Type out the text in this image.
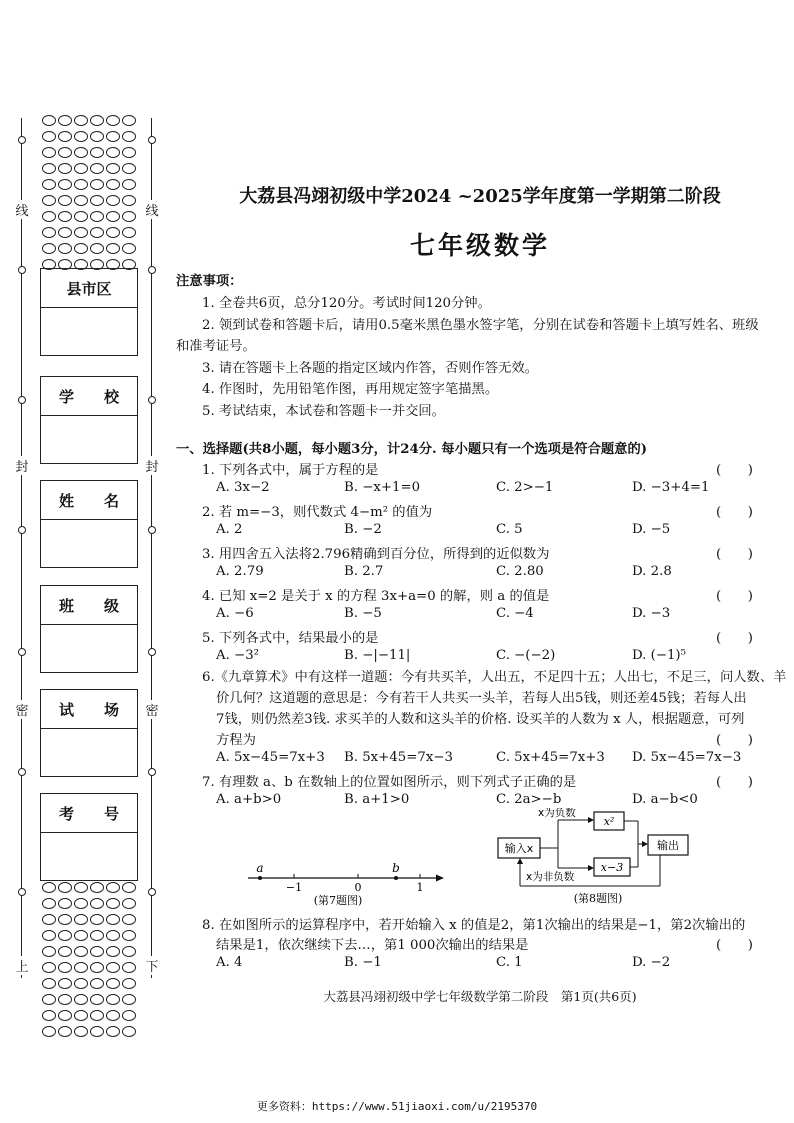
线
封
密
上
线
封
密
下
县市区
学　　校
姓　　名
班　　级
试　　场
考　　号
大荔县冯翊初级中学2024 ~2025学年度第一学期第二阶段
七年级数学
注意事项：
1. 全卷共6页，总分120分。考试时间120分钟。
2. 领到试卷和答题卡后，请用0.5毫米黑色墨水签字笔，分别在试卷和答题卡上填写姓名、班级
和准考证号。
3. 请在答题卡上各题的指定区域内作答，否则作答无效。
4. 作图时，先用铅笔作图，再用规定签字笔描黑。
5. 考试结束，本试卷和答题卡一并交回。
一、选择题(共8小题，每小题3分，计24分. 每小题只有一个选项是符合题意的)
1. 下列各式中，属于方程的是	(　　)
A. 3x−2	B. −x+1=0	C. 2>−1	D. −3+4=1
2. 若 m=−3，则代数式 4−m² 的值为	(　　)
A. 2	B. −2	C. 5	D. −5
3. 用四舍五入法将2.796精确到百分位，所得到的近似数为	(　　)
A. 2.79	B. 2.7	C. 2.80	D. 2.8
4. 已知 x=2 是关于 x 的方程 3x+a=0 的解，则 a 的值是	(　　)
A. −6	B. −5	C. −4	D. −3
5. 下列各式中，结果最小的是	(　　)
A. −3²	B. −|−11|	C. −(−2)	D. (−1)⁵
6.《九章算术》中有这样一道题：今有共买羊，人出五，不足四十五；人出七，不足三，问人数、羊
价几何？这道题的意思是：今有若干人共买一头羊，若每人出5钱，则还差45钱；若每人出
7钱，则仍然差3钱. 求买羊的人数和这头羊的价格. 设买羊的人数为 x 人，根据题意，可列
方程为	(　　)
A. 5x−45=7x+3 B. 5x+45=7x−3	C. 5x+45=7x+3 D. 5x−45=7x−3
7. 有理数 a、b 在数轴上的位置如图所示，则下列式子正确的是	(　　)
A. a+b>0	B. a+1>0	C. 2a>−b	D. a−b<0
a	b
−1	0	1
(第7题图)
输入x
x为负数
x²
x−3
输出
x为非负数
(第8题图)
8. 在如图所示的运算程序中，若开始输入 x 的值是2，第1次输出的结果是−1，第2次输出的
结果是1，依次继续下去…，第1 000次输出的结果是	(　　)
A. 4	B. −1	C. 1	D. −2
大荔县冯翊初级中学七年级数学第二阶段　第1页(共6页)
更多资料：https://www.51jiaoxi.com/u/2195370
